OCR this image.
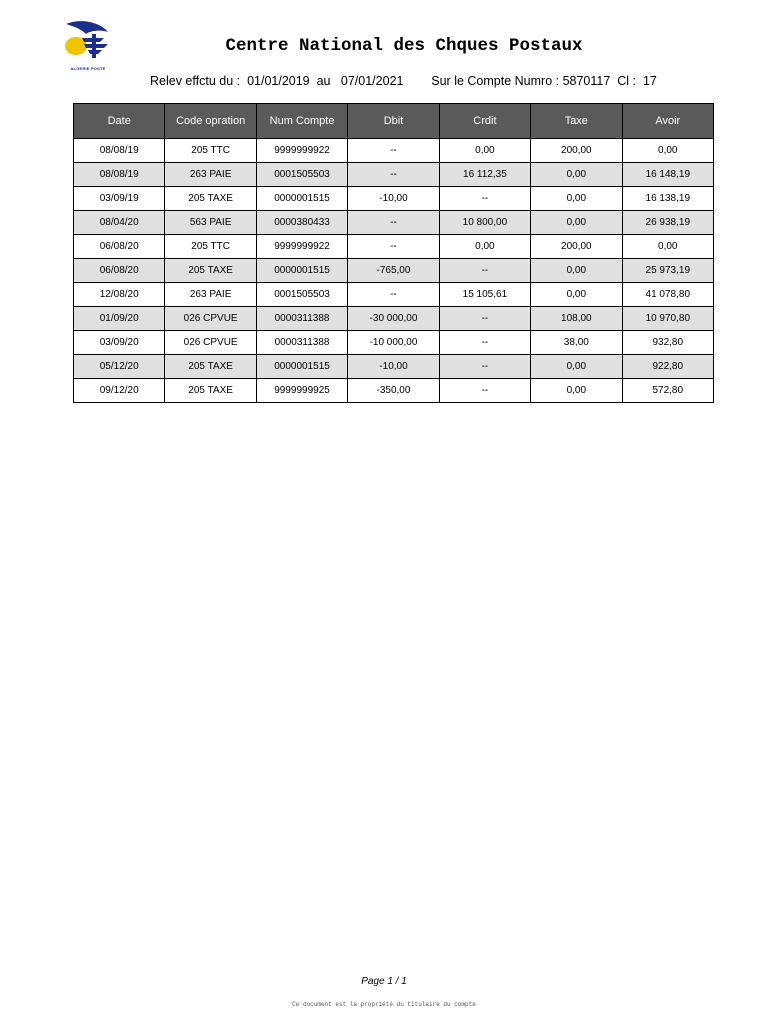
ALGERIE POSTE
Centre National des Chques Postaux
Relev effctu du : 01/01/2019 au 07/01/2021 Sur le Compte Numro : 5870117 Cl : 17
Date	Code opration	Num Compte	Dbit	Crdit	Taxe	Avoir
08/08/19	205 TTC	9999999922	--	0,00	200,00	0,00
08/08/19	263 PAIE	0001505503	--	16 112,35	0,00	16 148,19
03/09/19	205 TAXE	0000001515	-10,00	--	0,00	16 138,19
08/04/20	563 PAIE	0000380433	--	10 800,00	0,00	26 938,19
06/08/20	205 TTC	9999999922	--	0,00	200,00	0,00
06/08/20	205 TAXE	0000001515	-765,00	--	0,00	25 973,19
12/08/20	263 PAIE	0001505503	--	15 105,61	0,00	41 078,80
01/09/20	026 CPVUE	0000311388	-30 000,00	--	108,00	10 970,80
03/09/20	026 CPVUE	0000311388	-10 000,00	--	38,00	932,80
05/12/20	205 TAXE	0000001515	-10,00	--	0,00	922,80
09/12/20	205 TAXE	9999999925	-350,00	--	0,00	572,80
Page 1 / 1
Ce document est la propriété du titulaire du compte
